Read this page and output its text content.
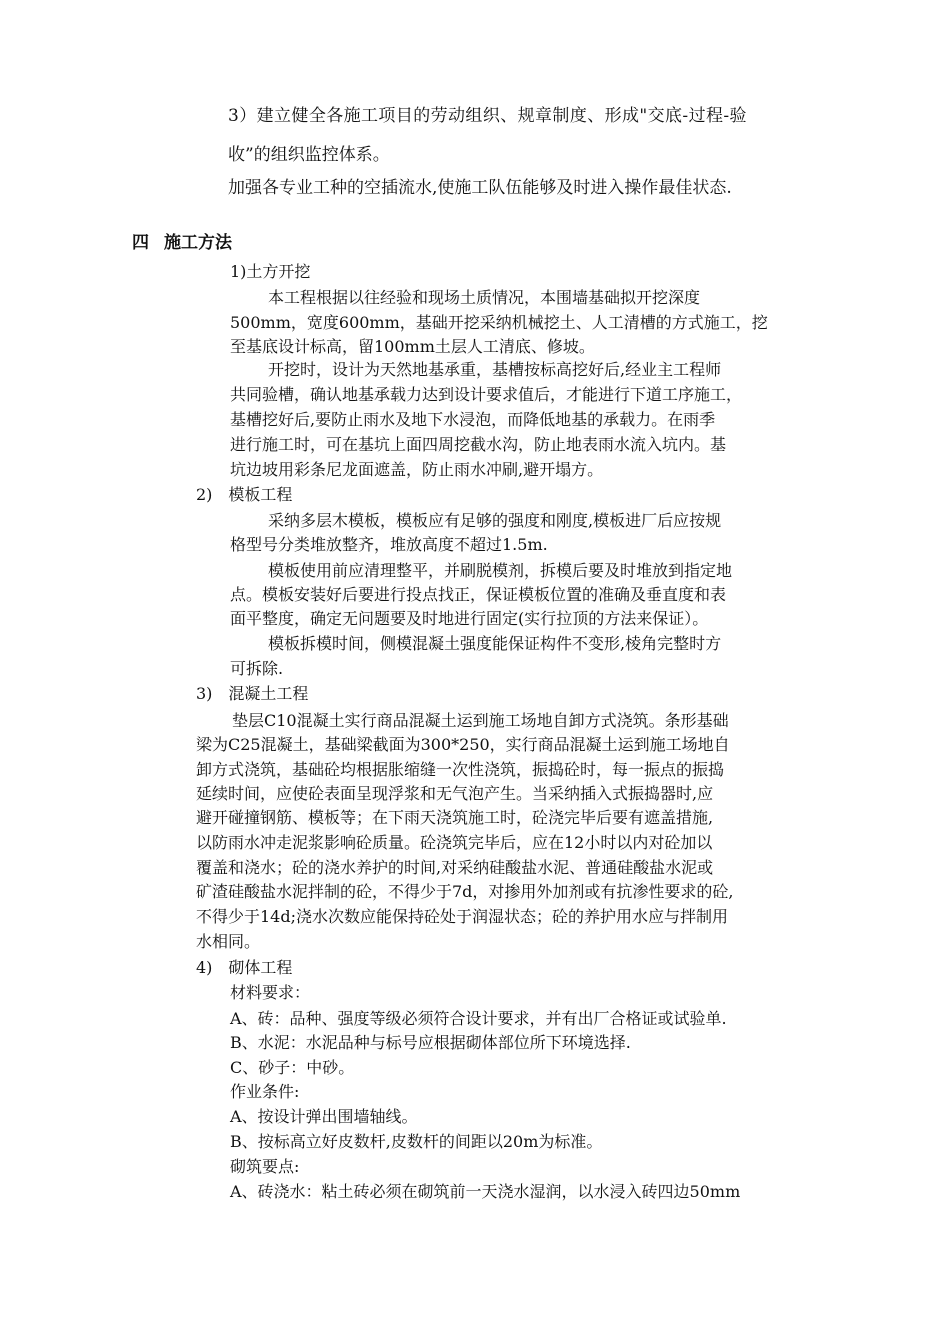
3）建立健全各施工项目的劳动组织、规章制度、形成"交底-过程-验
收”的组织监控体系。
加强各专业工种的空插流水,使施工队伍能够及时进入操作最佳状态.
四 施工方法
1)土方开挖
本工程根据以往经验和现场土质情况，本围墙基础拟开挖深度
500mm，宽度600mm，基础开挖采纳机械挖土、人工清槽的方式施工，挖
至基底设计标高，留100mm土层人工清底、修坡。
开挖时，设计为天然地基承重，基槽按标高挖好后,经业主工程师
共同验槽，确认地基承载力达到设计要求值后，才能进行下道工序施工，
基槽挖好后,要防止雨水及地下水浸泡，而降低地基的承载力。在雨季
进行施工时，可在基坑上面四周挖截水沟，防止地表雨水流入坑内。基
坑边坡用彩条尼龙面遮盖，防止雨水冲刷,避开塌方。
2)　模板工程
采纳多层木模板，模板应有足够的强度和刚度,模板进厂后应按规
格型号分类堆放整齐，堆放高度不超过1.5m.
模板使用前应清理整平，并刷脱模剂，拆模后要及时堆放到指定地
点。模板安装好后要进行投点找正，保证模板位置的准确及垂直度和表
面平整度，确定无问题要及时地进行固定(实行拉顶的方法来保证）。
模板拆模时间，侧模混凝土强度能保证构件不变形,棱角完整时方
可拆除.
3)　混凝土工程
垫层C10混凝土实行商品混凝土运到施工场地自卸方式浇筑。条形基础
梁为C25混凝土，基础梁截面为300*250，实行商品混凝土运到施工场地自
卸方式浇筑，基础砼均根据胀缩缝一次性浇筑，振捣砼时，每一振点的振捣
延续时间，应使砼表面呈现浮浆和无气泡产生。当采纳插入式振捣器时,应
避开碰撞钢筋、模板等；在下雨天浇筑施工时，砼浇完毕后要有遮盖措施,
以防雨水冲走泥浆影响砼质量。砼浇筑完毕后，应在12小时以内对砼加以
覆盖和浇水；砼的浇水养护的时间,对采纳硅酸盐水泥、普通硅酸盐水泥或
矿渣硅酸盐水泥拌制的砼，不得少于7d，对掺用外加剂或有抗渗性要求的砼,
不得少于14d;浇水次数应能保持砼处于润湿状态；砼的养护用水应与拌制用
水相同。
4)　砌体工程
材料要求：
A、砖：品种、强度等级必须符合设计要求，并有出厂合格证或试验单.
B、水泥：水泥品种与标号应根据砌体部位所下环境选择.
C、砂子：中砂。
作业条件:
A、按设计弹出围墙轴线。
B、按标高立好皮数杆,皮数杆的间距以20m为标准。
砌筑要点:
A、砖浇水：粘土砖必须在砌筑前一天浇水湿润，以水浸入砖四边50mm
